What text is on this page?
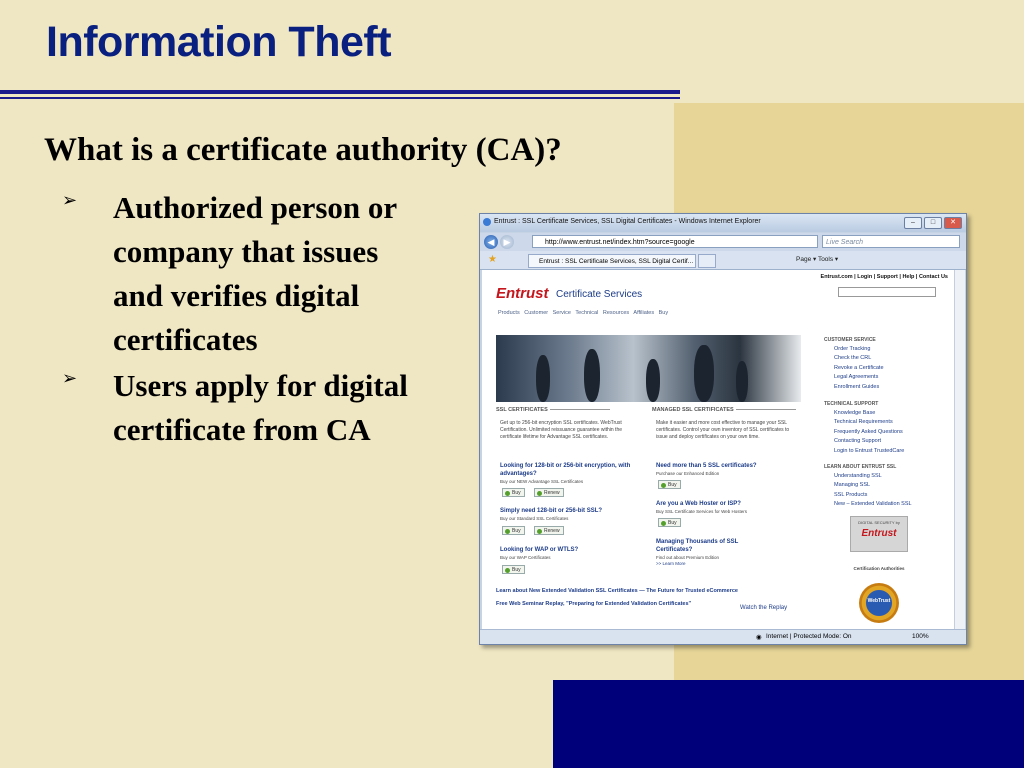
Information Theft
What is a certificate authority (CA)?
➢ Authorized person or company that issues and verifies digital certificates
➢ Users apply for digital certificate from CA
Entrust : SSL Certificate Services, SSL Digital Certificates - Windows Internet Explorer	–	□	✕
◀	▶	http://www.entrust.net/index.htm?source=google	Live Search
★	Entrust : SSL Certificate Services, SSL Digital Certif...	Page ▾ Tools ▾
Entrust.com | Login | Support | Help | Contact Us
Entrust Certificate Services
Products Customer Service Technical Resources Affiliates Buy
SSL CERTIFICATES
Get up to 256-bit encryption SSL certificates. WebTrust Certification. Unlimited reissuance guarantee within the certificate lifetime for Advantage SSL certificates.
Looking for 128-bit or 256-bit encryption, with advantages?
Buy our NEW Advantage SSL Certificates
Buy	Renew
Simply need 128-bit or 256-bit SSL?
Buy our Standard SSL Certificates
Buy	Renew
Looking for WAP or WTLS?
Buy our WAP Certificates
Buy
MANAGED SSL CERTIFICATES
Make it easier and more cost effective to manage your SSL certificates. Control your own inventory of SSL certificates to issue and deploy certificates on your own time.
Need more than 5 SSL certificates?
Purchase our Enhanced Edition
Buy
Are you a Web Hoster or ISP?
Buy SSL Certificate Services for Web Hosters
Buy
Managing Thousands of SSL Certificates?
Find out about Premium Edition
>> Learn More
Learn about New Extended Validation SSL Certificates — The Future for Trusted eCommerce
Free Web Seminar Replay, "Preparing for Extended Validation Certificates"
Watch the Replay
CUSTOMER SERVICE
Order Tracking
Check the CRL
Revoke a Certificate
Legal Agreements
Enrollment Guides
TECHNICAL SUPPORT
Knowledge Base
Technical Requirements
Frequently Asked Questions
Contacting Support
Login to Entrust TrustedCare
LEARN ABOUT ENTRUST SSL
Understanding SSL
Managing SSL
SSL Products
New – Extended Validation SSL
DIGITAL SECURITY by
Entrust
Certification Authorities
WebTrust
◉ Internet | Protected Mode: On	100%
